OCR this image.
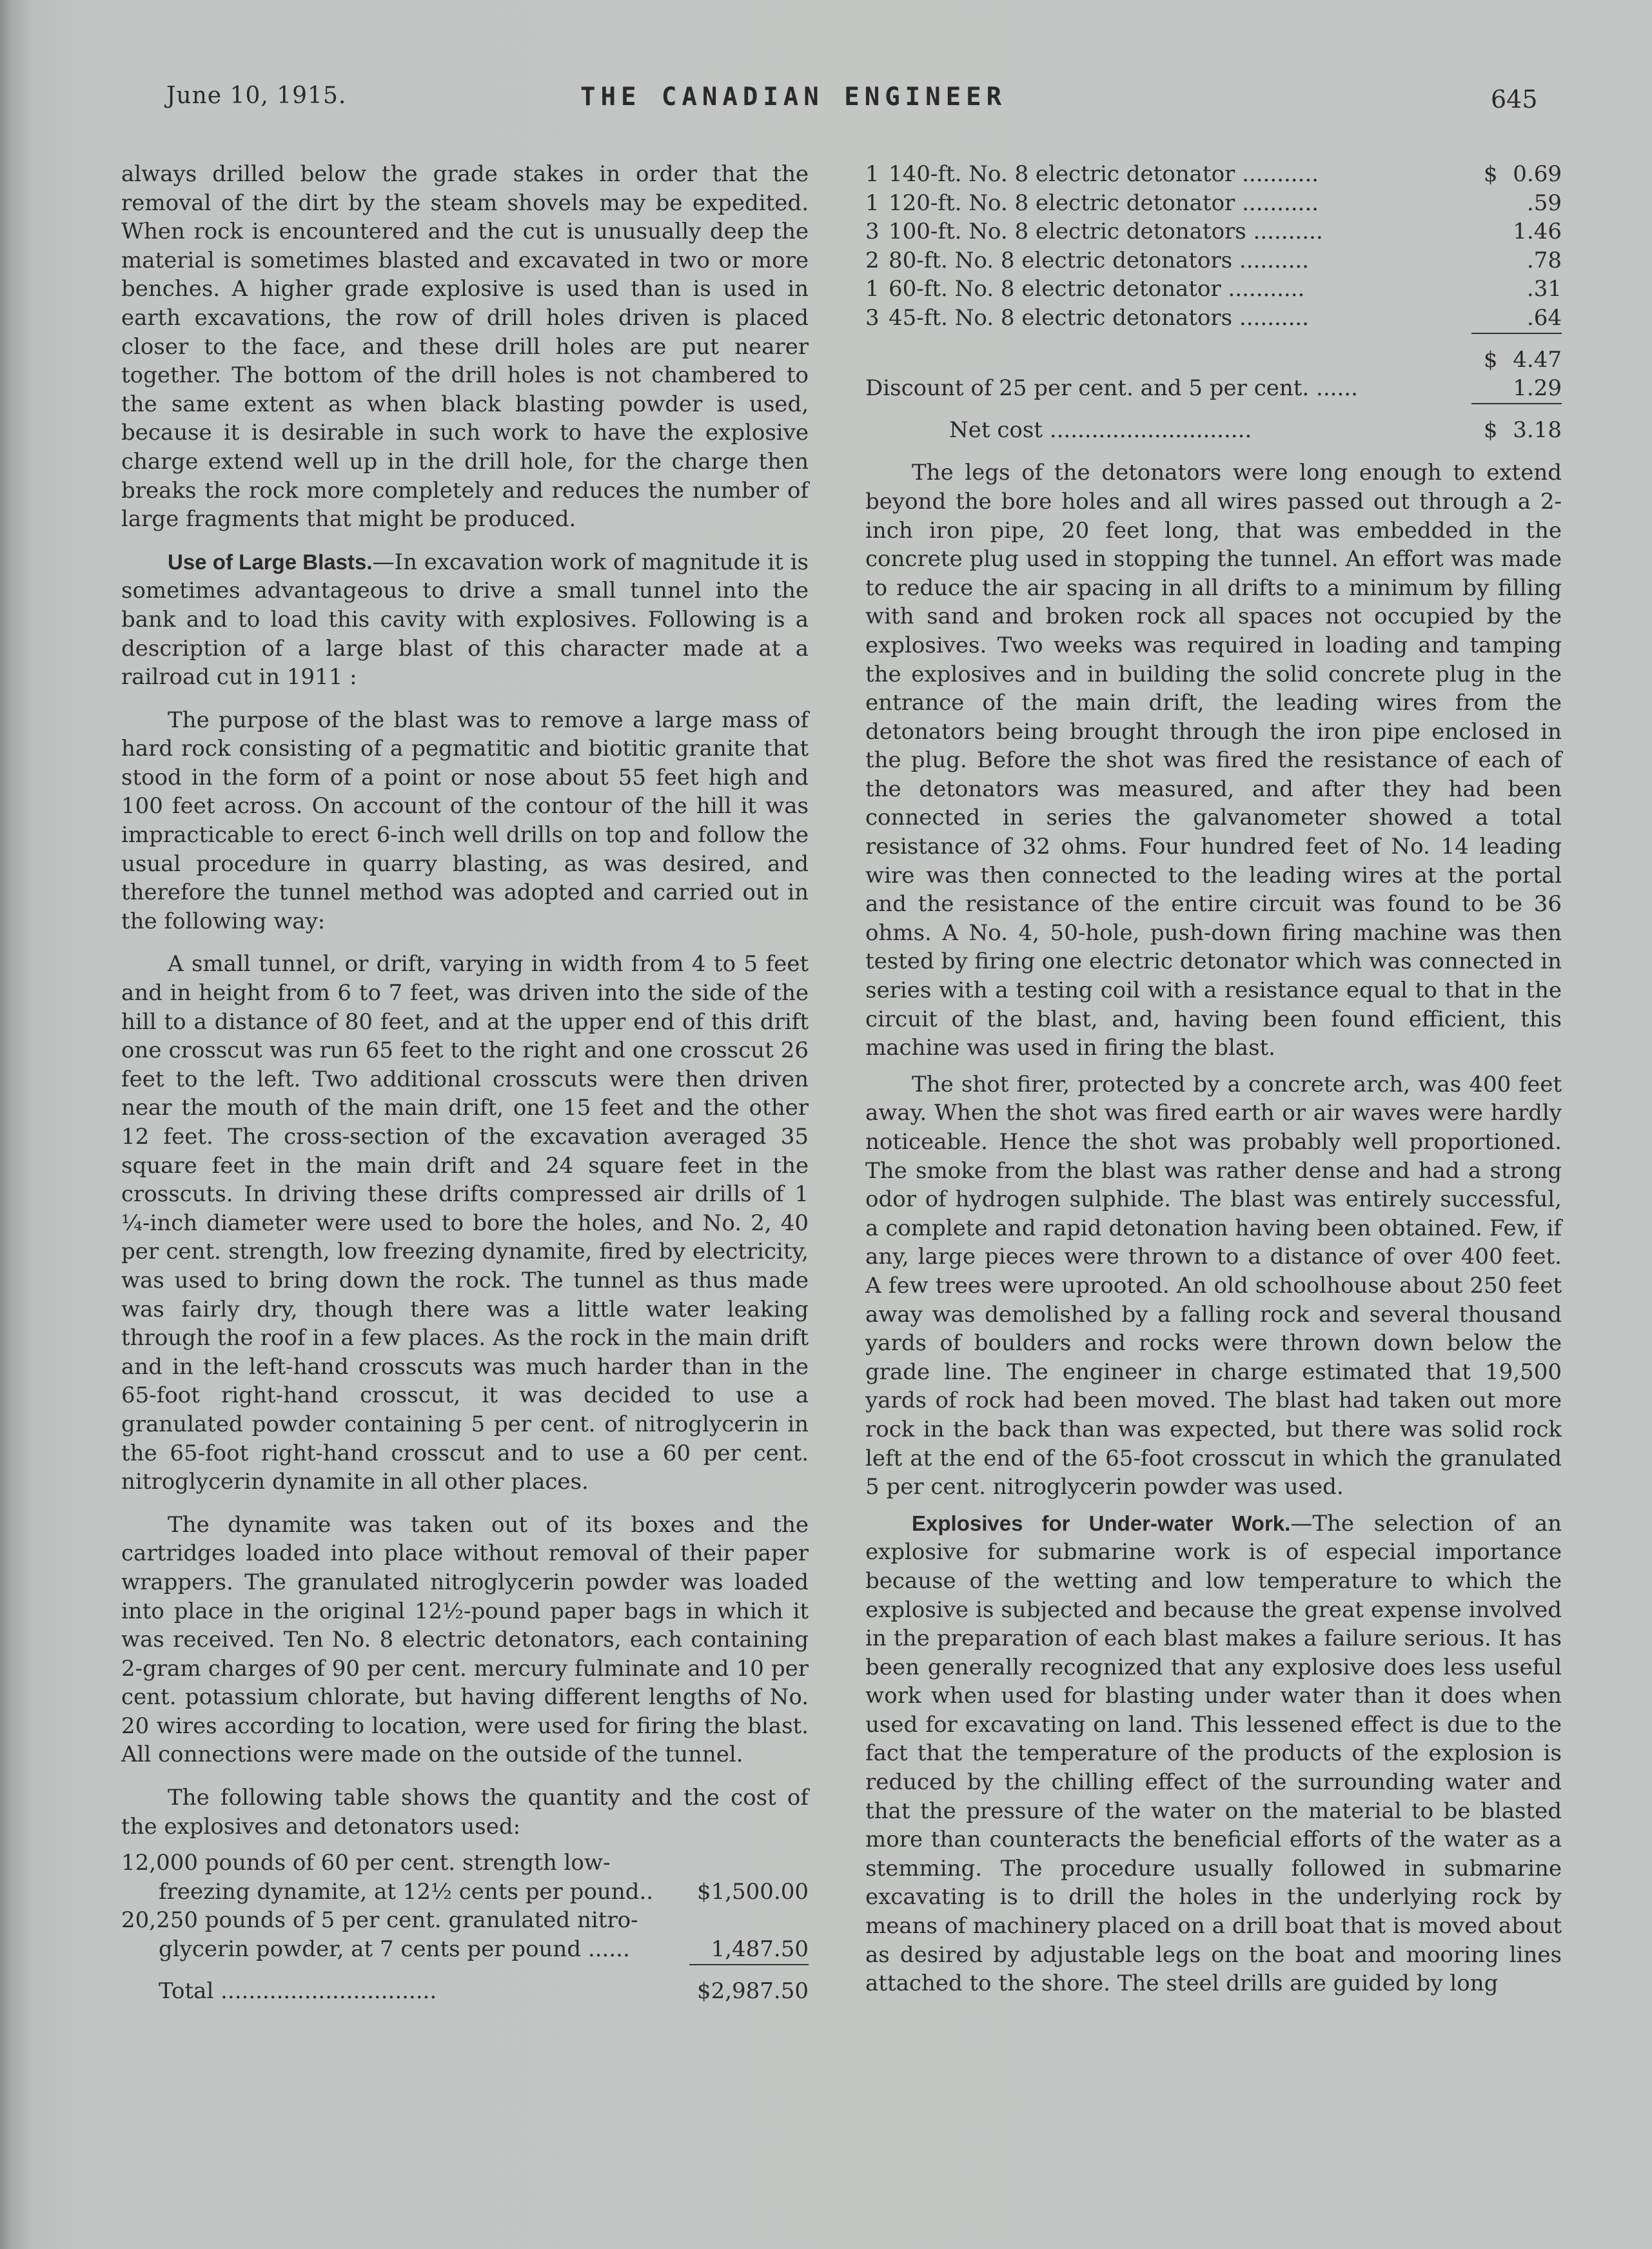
June 10, 1915.	THE CANADIAN ENGINEER	645

always drilled below the grade stakes in order that the removal of the dirt by the steam shovels may be expedited. When rock is encountered and the cut is unusually deep the material is sometimes blasted and excavated in two or more benches. A higher grade explosive is used than is used in earth excavations, the row of drill holes driven is placed closer to the face, and these drill holes are put nearer together. The bottom of the drill holes is not chambered to the same extent as when black blasting powder is used, because it is desirable in such work to have the explosive charge extend well up in the drill hole, for the charge then breaks the rock more completely and reduces the number of large fragments that might be produced.

Use of Large Blasts.—In excavation work of magnitude it is sometimes advantageous to drive a small tunnel into the bank and to load this cavity with explosives. Following is a description of a large blast of this character made at a railroad cut in 1911 :

The purpose of the blast was to remove a large mass of hard rock consisting of a pegmatitic and biotitic granite that stood in the form of a point or nose about 55 feet high and 100 feet across. On account of the contour of the hill it was impracticable to erect 6-inch well drills on top and follow the usual procedure in quarry blasting, as was desired, and therefore the tunnel method was adopted and carried out in the following way:

A small tunnel, or drift, varying in width from 4 to 5 feet and in height from 6 to 7 feet, was driven into the side of the hill to a distance of 80 feet, and at the upper end of this drift one crosscut was run 65 feet to the right and one crosscut 26 feet to the left. Two additional crosscuts were then driven near the mouth of the main drift, one 15 feet and the other 12 feet. The cross-section of the excavation averaged 35 square feet in the main drift and 24 square feet in the crosscuts. In driving these drifts compressed air drills of 1 ¼-inch diameter were used to bore the holes, and No. 2, 40 per cent. strength, low freezing dynamite, fired by electricity, was used to bring down the rock. The tunnel as thus made was fairly dry, though there was a little water leaking through the roof in a few places. As the rock in the main drift and in the left-hand crosscuts was much harder than in the 65-foot right-hand crosscut, it was decided to use a granulated powder containing 5 per cent. of nitroglycerin in the 65-foot right-hand crosscut and to use a 60 per cent. nitroglycerin dynamite in all other places.

The dynamite was taken out of its boxes and the cartridges loaded into place without removal of their paper wrappers. The granulated nitroglycerin powder was loaded into place in the original 12½-pound paper bags in which it was received. Ten No. 8 electric detonators, each containing 2-gram charges of 90 per cent. mercury fulminate and 10 per cent. potassium chlorate, but having different lengths of No. 20 wires according to location, were used for firing the blast. All connections were made on the outside of the tunnel.

The following table shows the quantity and the cost of the explosives and detonators used:

12,000 pounds of 60 per cent. strength low-	
freezing dynamite, at 12½ cents per pound..	$1,500.00
20,250 pounds of 5 per cent. granulated nitro-	
glycerin powder, at 7 cents per pound ......	1,487.50

Total ...............................	$2,987.50
1	140-ft. No. 8 electric detonator ...........	$	0.69
1	120-ft. No. 8 electric detonator ...........		.59
3	100-ft. No. 8 electric detonators ..........		1.46
2	80-ft. No. 8 electric detonators ..........		.78
1	60-ft. No. 8 electric detonator ...........		.31
3	45-ft. No. 8 electric detonators ..........		.64

		$	4.47
Discount of 25 per cent. and 5 per cent. ......			1.29

Net cost .............................		$	3.18

The legs of the detonators were long enough to extend beyond the bore holes and all wires passed out through a 2-inch iron pipe, 20 feet long, that was embedded in the concrete plug used in stopping the tunnel. An effort was made to reduce the air spacing in all drifts to a minimum by filling with sand and broken rock all spaces not occupied by the explosives. Two weeks was required in loading and tamping the explosives and in building the solid concrete plug in the entrance of the main drift, the leading wires from the detonators being brought through the iron pipe enclosed in the plug. Before the shot was fired the resistance of each of the detonators was measured, and after they had been connected in series the galvanometer showed a total resistance of 32 ohms. Four hundred feet of No. 14 leading wire was then connected to the leading wires at the portal and the resistance of the entire circuit was found to be 36 ohms. A No. 4, 50-hole, push-down firing machine was then tested by firing one electric detonator which was connected in series with a testing coil with a resistance equal to that in the circuit of the blast, and, having been found efficient, this machine was used in firing the blast.

The shot firer, protected by a concrete arch, was 400 feet away. When the shot was fired earth or air waves were hardly noticeable. Hence the shot was probably well proportioned. The smoke from the blast was rather dense and had a strong odor of hydrogen sulphide. The blast was entirely successful, a complete and rapid detonation having been obtained. Few, if any, large pieces were thrown to a distance of over 400 feet. A few trees were uprooted. An old schoolhouse about 250 feet away was demolished by a falling rock and several thousand yards of boulders and rocks were thrown down below the grade line. The engineer in charge estimated that 19,500 yards of rock had been moved. The blast had taken out more rock in the back than was expected, but there was solid rock left at the end of the 65-foot crosscut in which the granulated 5 per cent. nitroglycerin powder was used.

Explosives for Under-water Work.—The selection of an explosive for submarine work is of especial importance because of the wetting and low temperature to which the explosive is subjected and because the great expense involved in the preparation of each blast makes a failure serious. It has been generally recognized that any explosive does less useful work when used for blasting under water than it does when used for excavating on land. This lessened effect is due to the fact that the temperature of the products of the explosion is reduced by the chilling effect of the surrounding water and that the pressure of the water on the material to be blasted more than counteracts the beneficial efforts of the water as a stemming. The procedure usually followed in submarine excavating is to drill the holes in the underlying rock by means of machinery placed on a drill boat that is moved about as desired by adjustable legs on the boat and mooring lines attached to the shore. The steel drills are guided by long
